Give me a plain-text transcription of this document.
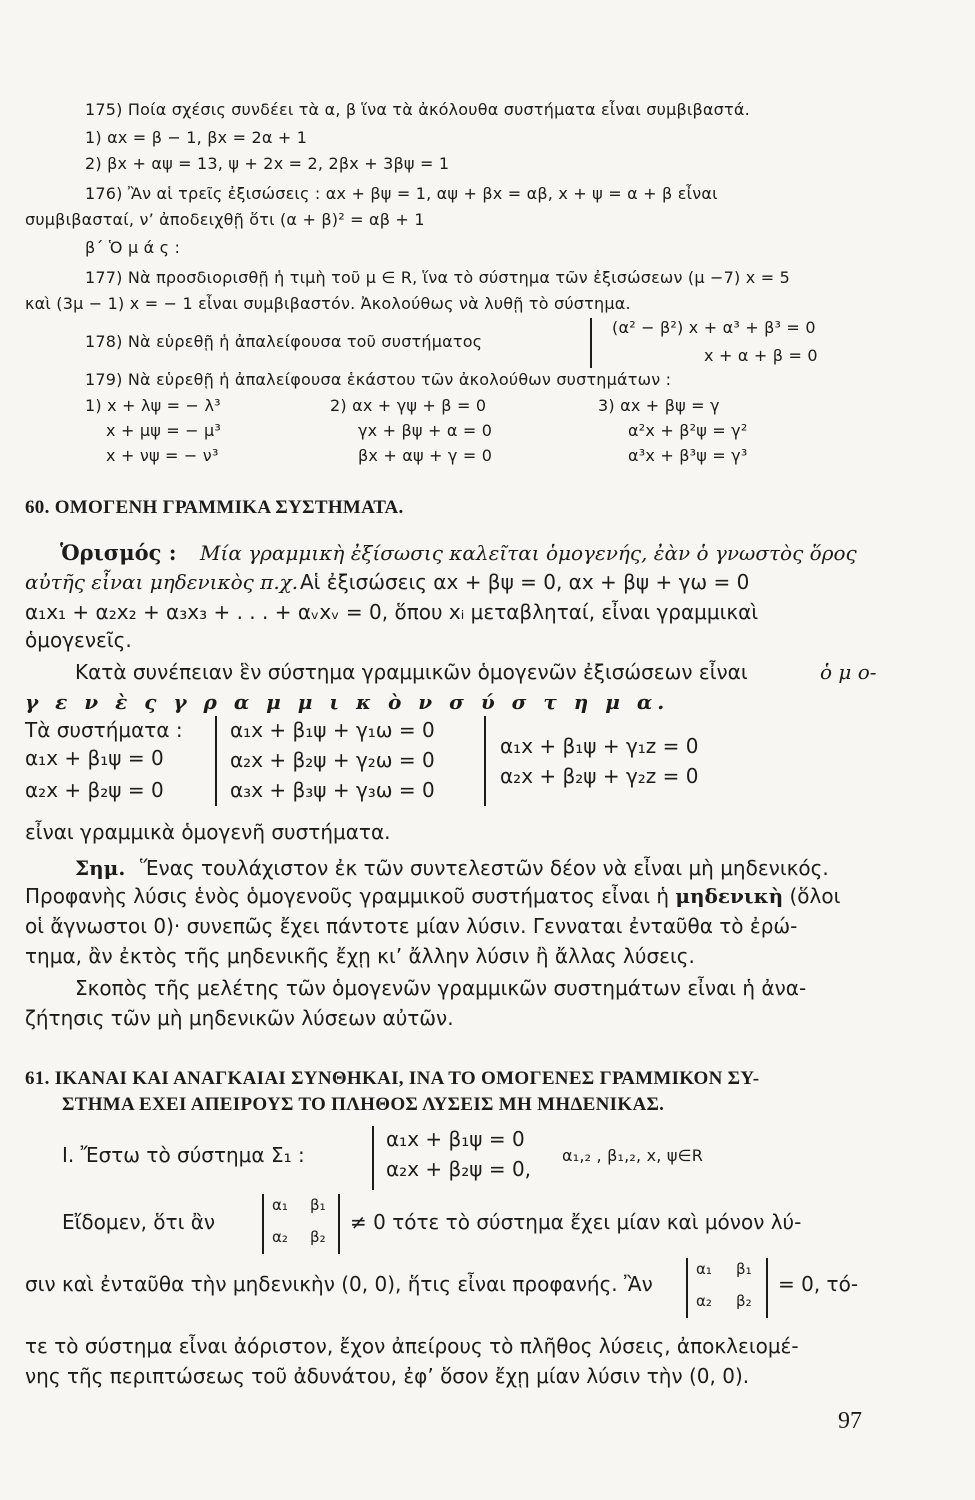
175) Ποία σχέσις συνδέει τὰ α, β ἵνα τὰ ἀκόλουθα συστήματα εἶναι συμβιβαστά.
1) αx = β − 1, βx = 2α + 1
2) βx + αψ = 13, ψ + 2x = 2, 2βx + 3βψ = 1
176) Ἂν αἱ τρεῖς ἐξισώσεις : αx + βψ = 1, αψ + βx = αβ, x + ψ = α + β εἶναι
συμβιβασταί, ν’ ἀποδειχθῇ ὅτι (α + β)² = αβ + 1
β΄ Ὁ μ ά ς :
177) Νὰ προσδιορισθῇ ἡ τιμὴ τοῦ μ ∈ R, ἵνα τὸ σύστημα τῶν ἐξισώσεων (μ −7) x = 5
καὶ (3μ − 1) x = − 1 εἶναι συμβιβαστόν. Ἀκολούθως νὰ λυθῇ τὸ σύστημα.
178) Νὰ εὑρεθῇ ἡ ἀπαλείφουσα τοῦ συστήματος
(α² − β²) x + α³ + β³ = 0
x + α + β = 0
179) Νὰ εὑρεθῇ ἡ ἀπαλείφουσα ἑκάστου τῶν ἀκολούθων συστημάτων :
1) x + λψ = − λ³
x + μψ = − μ³
x + νψ = − ν³
2) αx + γψ + β = 0
γx + βψ + α = 0
βx + αψ + γ = 0
3) αx + βψ = γ
α²x + β²ψ = γ²
α³x + β³ψ = γ³
60. ΟΜΟΓΕΝΗ ΓΡΑΜΜΙΚΑ ΣΥΣΤΗΜΑΤΑ.
Ὁρισμός : Μία γραμμικὴ ἐξίσωσις καλεῖται ὁμογενής, ἐὰν ὁ γνωστὸς ὅρος
αὐτῆς εἶναι μηδενικὸς π.χ. Αἱ ἐξισώσεις αx + βψ = 0, αx + βψ + γω = 0
α₁x₁ + α₂x₂ + α₃x₃ + . . . + αᵥxᵥ = 0, ὅπου xᵢ μεταβληταί, εἶναι γραμμικαὶ
ὁμογενεῖς.
Κατὰ συνέπειαν ἓν σύστημα γραμμικῶν ὁμογενῶν ἐξισώσεων εἶναι	ὁ μ ο-
γ ε ν ὲ ς γ ρ α μ μ ι κ ὸ ν σ ύ σ τ η μ α.
Τὰ συστήματα :
α₁x + β₁ψ = 0
α₂x + β₂ψ = 0
α₁x + β₁ψ + γ₁ω = 0
α₂x + β₂ψ + γ₂ω = 0
α₃x + β₃ψ + γ₃ω = 0
α₁x + β₁ψ + γ₁z = 0
α₂x + β₂ψ + γ₂z = 0
εἶναι γραμμικὰ ὁμογενῆ συστήματα.
Σημ. Ἕνας τουλάχιστον ἐκ τῶν συντελεστῶν δέον νὰ εἶναι μὴ μηδενικός.
Προφανὴς λύσις ἑνὸς ὁμογενοῦς γραμμικοῦ συστήματος εἶναι ἡ μηδενικὴ (ὅλοι
οἱ ἄγνωστοι 0)· συνεπῶς ἔχει πάντοτε μίαν λύσιν. Γενναται ἐνταῦθα τὸ ἐρώ-
τημα, ἂν ἐκτὸς τῆς μηδενικῆς ἔχῃ κι’ ἄλλην λύσιν ἢ ἄλλας λύσεις.
Σκοπὸς τῆς μελέτης τῶν ὁμογενῶν γραμμικῶν συστημάτων εἶναι ἡ ἀνα-
ζήτησις τῶν μὴ μηδενικῶν λύσεων αὐτῶν.
61. ΙΚΑΝΑΙ ΚΑΙ ΑΝΑΓΚΑΙΑΙ ΣΥΝΘΗΚΑΙ, ΙΝΑ ΤΟ ΟΜΟΓΕΝΕΣ ΓΡΑΜΜΙΚΟΝ ΣΥ-
ΣΤΗΜΑ ΕΧΕΙ ΑΠΕΙΡΟΥΣ ΤΟ ΠΛΗΘΟΣ ΛΥΣΕΙΣ ΜΗ ΜΗΔΕΝΙΚΑΣ.
Ι. Ἔστω τὸ σύστημα Σ₁ :
α₁x + β₁ψ = 0
α₂x + β₂ψ = 0,
α₁,₂ , β₁,₂, x, ψ∈R
Εἴδομεν, ὅτι ἂν
α₁ β₁
α₂ β₂
≠ 0 τότε τὸ σύστημα ἔχει μίαν καὶ μόνον λύ-
σιν καὶ ἐνταῦθα τὴν μηδενικὴν (0, 0), ἥτις εἶναι προφανής. Ἂν
α₁ β₁
α₂ β₂
= 0, τό-
τε τὸ σύστημα εἶναι ἀόριστον, ἔχον ἀπείρους τὸ πλῆθος λύσεις, ἀποκλειομέ-
νης τῆς περιπτώσεως τοῦ ἀδυνάτου, ἐφ’ ὅσον ἔχῃ μίαν λύσιν τὴν (0, 0).
97
